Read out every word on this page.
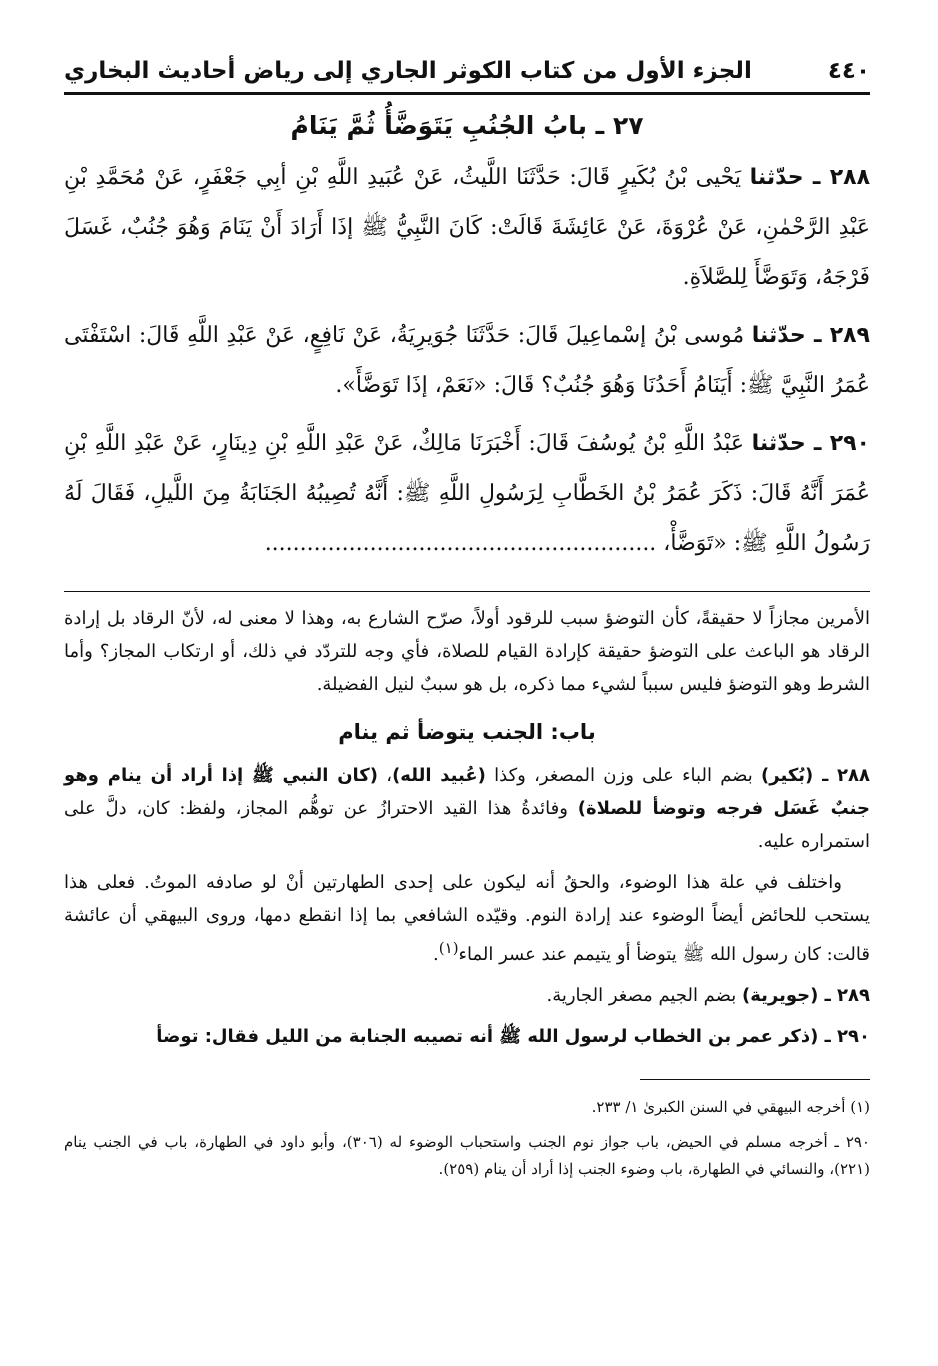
٤٤٠
الجزء الأول من كتاب الكوثر الجاري إلى رياض أحاديث البخاري
٢٧ ـ بابُ الجُنُبِ يَتَوَضَّأُ ثُمَّ يَنَامُ

٢٨٨ ـ حدّثنا يَحْيى بْنُ بُكَيرٍ قَالَ: حَدَّثَنَا اللَّيثُ، عَنْ عُبَيدِ اللَّهِ بْنِ أبِي جَعْفَرٍ، عَنْ مُحَمَّدِ بْنِ عَبْدِ الرَّحْمٰنِ، عَنْ عُرْوَةَ، عَنْ عَائِشَةَ قَالَتْ: كَانَ النَّبِيُّ ﷺ إذَا أَرَادَ أَنْ يَنَامَ وَهُوَ جُنُبٌ، غَسَلَ فَرْجَهُ، وَتَوَضَّأَ لِلصَّلاَةِ.

٢٨٩ ـ حدّثنا مُوسى بْنُ إسْماعِيلَ قَالَ: حَدَّثَنَا جُوَيرِيَةُ، عَنْ نَافِعٍ، عَنْ عَبْدِ اللَّهِ قَالَ: اسْتَفْتَى عُمَرُ النَّبِيَّ ﷺ: أَيَنَامُ أَحَدُنَا وَهُوَ جُنُبٌ؟ قَالَ: «نَعَمْ، إذَا تَوَضَّأَ».

٢٩٠ ـ حدّثنا عَبْدُ اللَّهِ بْنُ يُوسُفَ قَالَ: أَخْبَرَنَا مَالِكٌ، عَنْ عَبْدِ اللَّهِ بْنِ دِينَارٍ، عَنْ عَبْدِ اللَّهِ بْنِ عُمَرَ أَنَّهُ قَالَ: ذَكَرَ عُمَرُ بْنُ الخَطَّابِ لِرَسُولِ اللَّهِ ﷺ: أَنَّهُ تُصِيبُهُ الجَنَابَةُ مِنَ اللَّيلِ، فَقَالَ لَهُ رَسُولُ اللَّهِ ﷺ: «تَوَضَّأْ، ........................................................

الأمرين مجازاً لا حقيقةً، كأن التوضؤ سبب للرقود أولاً، صرّح الشارع به، وهذا لا معنى له، لأنّ الرقاد بل إرادة الرقاد هو الباعث على التوضؤ حقيقة كإرادة القيام للصلاة، فأي وجه للتردّد في ذلك، أو ارتكاب المجاز؟ وأما الشرط وهو التوضؤ فليس سبباً لشيء مما ذكره، بل هو سببٌ لنيل الفضيلة.

باب: الجنب يتوضأ ثم ينام

٢٨٨ ـ (بُكير) بضم الباء على وزن المصغر، وكذا (عُبيد الله)، (كان النبي ﷺ إذا أراد أن ينام وهو جنبٌ غَسَل فرجه وتوضأ للصلاة) وفائدةُ هذا القيد الاحترازُ عن توهُّم المجاز، ولفظ: كان، دلَّ على استمراره عليه.

واختلف في علة هذا الوضوء، والحقُ أنه ليكون على إحدى الطهارتين أنْ لو صادفه الموتُ. فعلى هذا يستحب للحائض أيضاً الوضوء عند إرادة النوم. وقيّده الشافعي بما إذا انقطع دمها، وروى البيهقي أن عائشة قالت: كان رسول الله ﷺ يتوضأ أو يتيمم عند عسر الماء$^{(١)}$.

٢٨٩ ـ (جويرية) بضم الجيم مصغر الجارية.

٢٩٠ ـ (ذكر عمر بن الخطاب لرسول الله ﷺ أنه تصيبه الجنابة من الليل فقال: توضأ

(١) أخرجه البيهقي في السنن الكبرىٰ ١/ ٢٣٣.

٢٩٠ ـ أخرجه مسلم في الحيض، باب جواز نوم الجنب واستحباب الوضوء له (٣٠٦)، وأبو داود في الطهارة، باب في الجنب ينام (٢٢١)، والنسائي في الطهارة، باب وضوء الجنب إذا أراد أن ينام (٢٥٩).
